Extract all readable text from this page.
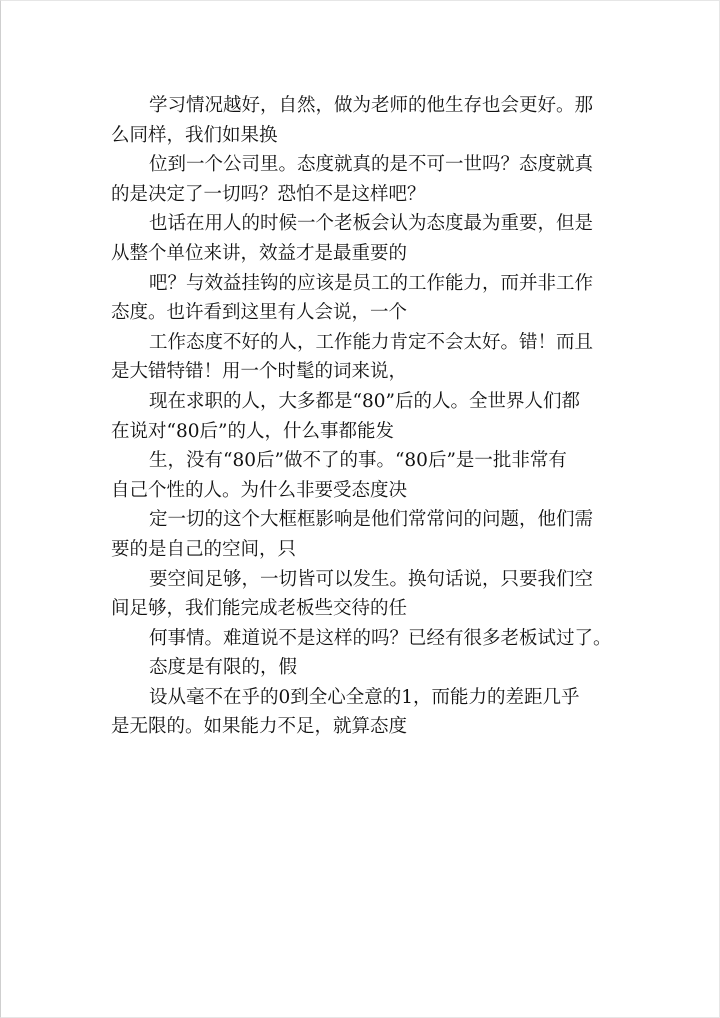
学习情况越好，自然，做为老师的他生存也会更好。那
么同样，我们如果换
位到一个公司里。态度就真的是不可一世吗？态度就真
的是决定了一切吗？恐怕不是这样吧？
也话在用人的时候一个老板会认为态度最为重要，但是
从整个单位来讲，效益才是最重要的
吧？与效益挂钩的应该是员工的工作能力，而并非工作
态度。也许看到这里有人会说，一个
工作态度不好的人，工作能力肯定不会太好。错！而且
是大错特错！用一个时髦的词来说，
现在求职的人，大多都是“80”后的人。全世界人们都
在说对“80后”的人，什么事都能发
生，没有“80后”做不了的事。“80后”是一批非常有
自己个性的人。为什么非要受态度决
定一切的这个大框框影响是他们常常问的问题，他们需
要的是自己的空间，只
要空间足够，一切皆可以发生。换句话说，只要我们空
间足够，我们能完成老板些交待的任
何事情。难道说不是这样的吗？已经有很多老板试过了。
态度是有限的，假
设从毫不在乎的0到全心全意的1，而能力的差距几乎
是无限的。如果能力不足，就算态度
